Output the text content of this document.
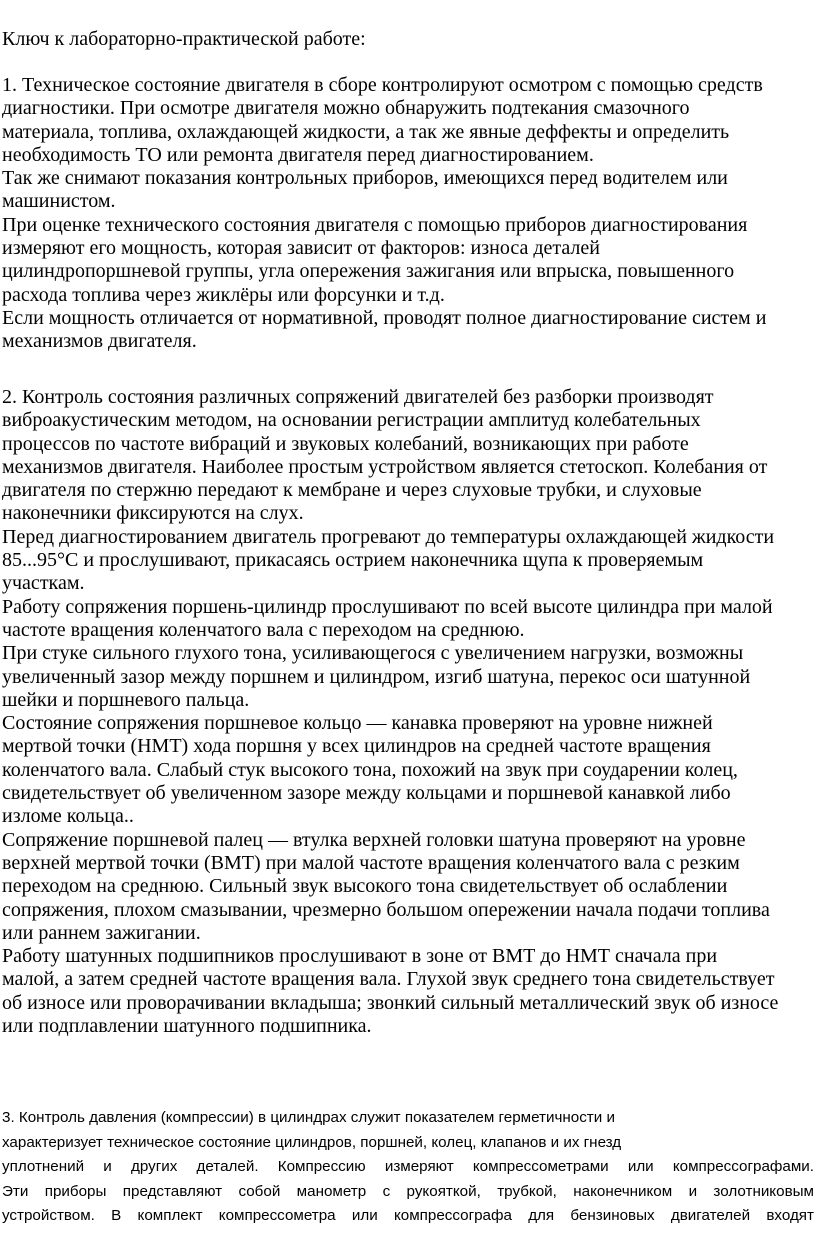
Ключ к лабораторно-практической работе:
1. Техническое состояние двигателя в сборе контролируют осмотром с помощью средств
диагностики. При осмотре двигателя можно обнаружить подтекания смазочного
материала, топлива, охлаждающей жидкости, а так же явные деффекты и определить
необходимость ТО или ремонта двигателя перед диагностированием.
Так же снимают показания контрольных приборов, имеющихся перед водителем или
машинистом.
При оценке технического состояния двигателя с помощью приборов диагностирования
измеряют его мощность, которая зависит от факторов: износа деталей
цилиндропоршневой группы, угла опережения зажигания или впрыска, повышенного
расхода топлива через жиклёры или форсунки и т.д.
Если мощность отличается от нормативной, проводят полное диагностирование систем и
механизмов двигателя.
2. Контроль состояния различных сопряжений двигателей без разборки производят
виброакустическим методом, на основании регистрации амплитуд колебательных
процессов по частоте вибраций и звуковых колебаний, возникающих при работе
механизмов двигателя. Наиболее простым устройством является стетоскоп. Колебания от
двигателя по стержню передают к мембране и через слуховые трубки, и слуховые
наконечники фиксируются на слух.
Перед диагностированием двигатель прогревают до температуры охлаждающей жидкости
85...95°С и прослушивают, прикасаясь острием наконечника щупа к проверяемым
участкам.
Работу сопряжения поршень-цилиндр прослушивают по всей высоте цилиндра при малой
частоте вращения коленчатого вала с переходом на среднюю.
При стуке сильного глухого тона, усиливающегося с увеличением нагрузки, возможны
увеличенный зазор между поршнем и цилиндром, изгиб шатуна, перекос оси шатунной
шейки и поршневого пальца.
Состояние сопряжения поршневое кольцо — канавка проверяют на уровне нижней
мертвой точки (НМТ) хода поршня у всех цилиндров на средней частоте вращения
коленчатого вала. Слабый стук высокого тона, похожий на звук при соударении колец,
свидетельствует об увеличенном зазоре между кольцами и поршневой канавкой либо
изломе кольца..
Сопряжение поршневой палец — втулка верхней головки шатуна проверяют на уровне
верхней мертвой точки (ВМТ) при малой частоте вращения коленчатого вала с резким
переходом на среднюю. Сильный звук высокого тона свидетельствует об ослаблении
сопряжения, плохом смазывании, чрезмерно большом опережении начала подачи топлива
или раннем зажигании.
Работу шатунных подшипников прослушивают в зоне от ВМТ до НМТ сначала при
малой, а затем средней частоте вращения вала. Глухой звук среднего тона свидетельствует
об износе или проворачивании вкладыша; звонкий сильный металлический звук об износе
или подплавлении шатунного подшипника.
3. Контроль давления (компрессии) в цилиндрах служит показателем герметичности и
характеризует техническое состояние цилиндров, поршней, колец, клапанов и их гнезд
уплотнений и других деталей. Компрессию измеряют компрессометрами или компрессографами.
Эти приборы представляют собой манометр с рукояткой, трубкой, наконечником и золотниковым
устройством. В комплект компрессометра или компрессографа для бензиновых двигателей входят
